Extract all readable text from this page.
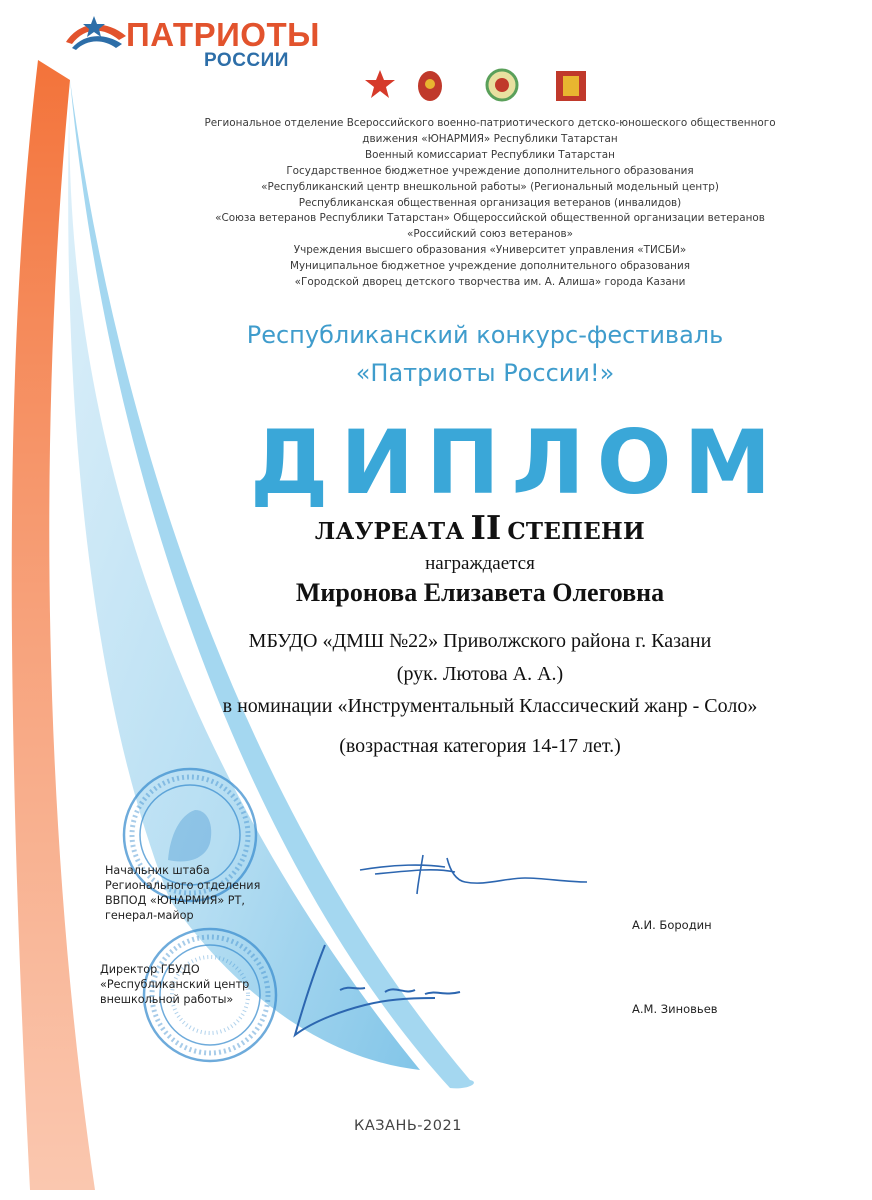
ПАТРИОТЫ
РОССИИ
Региональное отделение Всероссийского военно-патриотического детско-юношеского общественного
движения «ЮНАРМИЯ» Республики Татарстан
Военный комиссариат Республики Татарстан
Государственное бюджетное учреждение дополнительного образования
«Республиканский центр внешкольной работы» (Региональный модельный центр)
Республиканская общественная организация ветеранов (инвалидов)
«Союза ветеранов Республики Татарстан» Общероссийской общественной организации ветеранов
«Российский союз ветеранов»
Учреждения высшего образования «Университет управления «ТИСБИ»
Муниципальное бюджетное учреждение дополнительного образования
«Городской дворец детского творчества им. А. Алиша» города Казани
Республиканский конкурс-фестиваль
«Патриоты России!»
ДИПЛОМ
ЛАУРЕАТА II СТЕПЕНИ
награждается
Миронова Елизавета Олеговна
МБУДО «ДМШ №22» Приволжского района г. Казани
(рук. Лютова А. А.)
в номинации «Инструментальный Классический жанр - Соло»
(возрастная категория 14-17 лет.)
Начальник штаба
Регионального отделения
ВВПОД «ЮНАРМИЯ» РТ,
генерал-майор
А.И. Бородин
Директор ГБУДО
«Республиканский центр
внешкольной работы»
А.М. Зиновьев
КАЗАНЬ-2021
